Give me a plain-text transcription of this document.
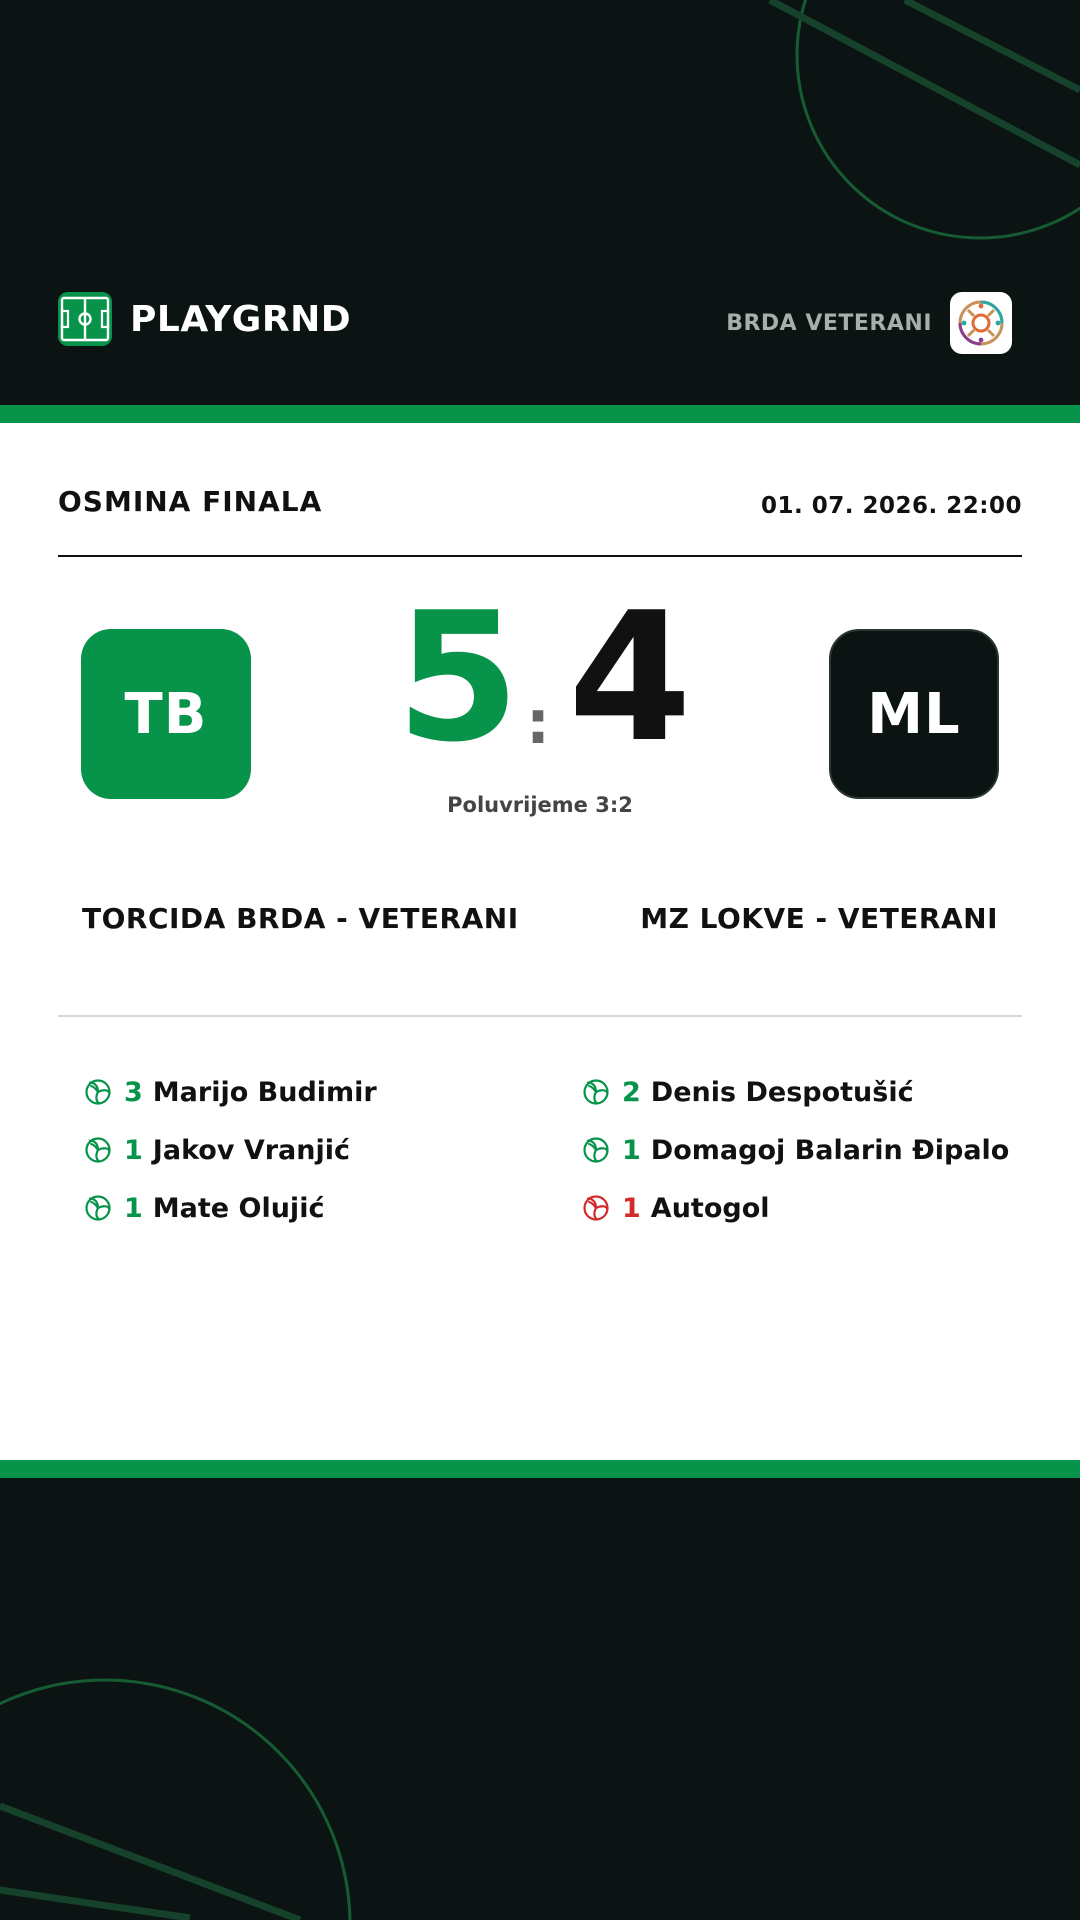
PLAYGRND	BRDA VETERANI
OSMINA FINALA	01. 07. 2026. 22:00
TB 5 : 4	ML
Poluvrijeme 3:2
TORCIDA BRDA - VETERANI	MZ LOKVE - VETERANI
3 Marijo Budimir
1 Jakov Vranjić
1 Mate Olujić
2 Denis Despotušić
1 Domagoj Balarin Đipalo
1 Autogol
